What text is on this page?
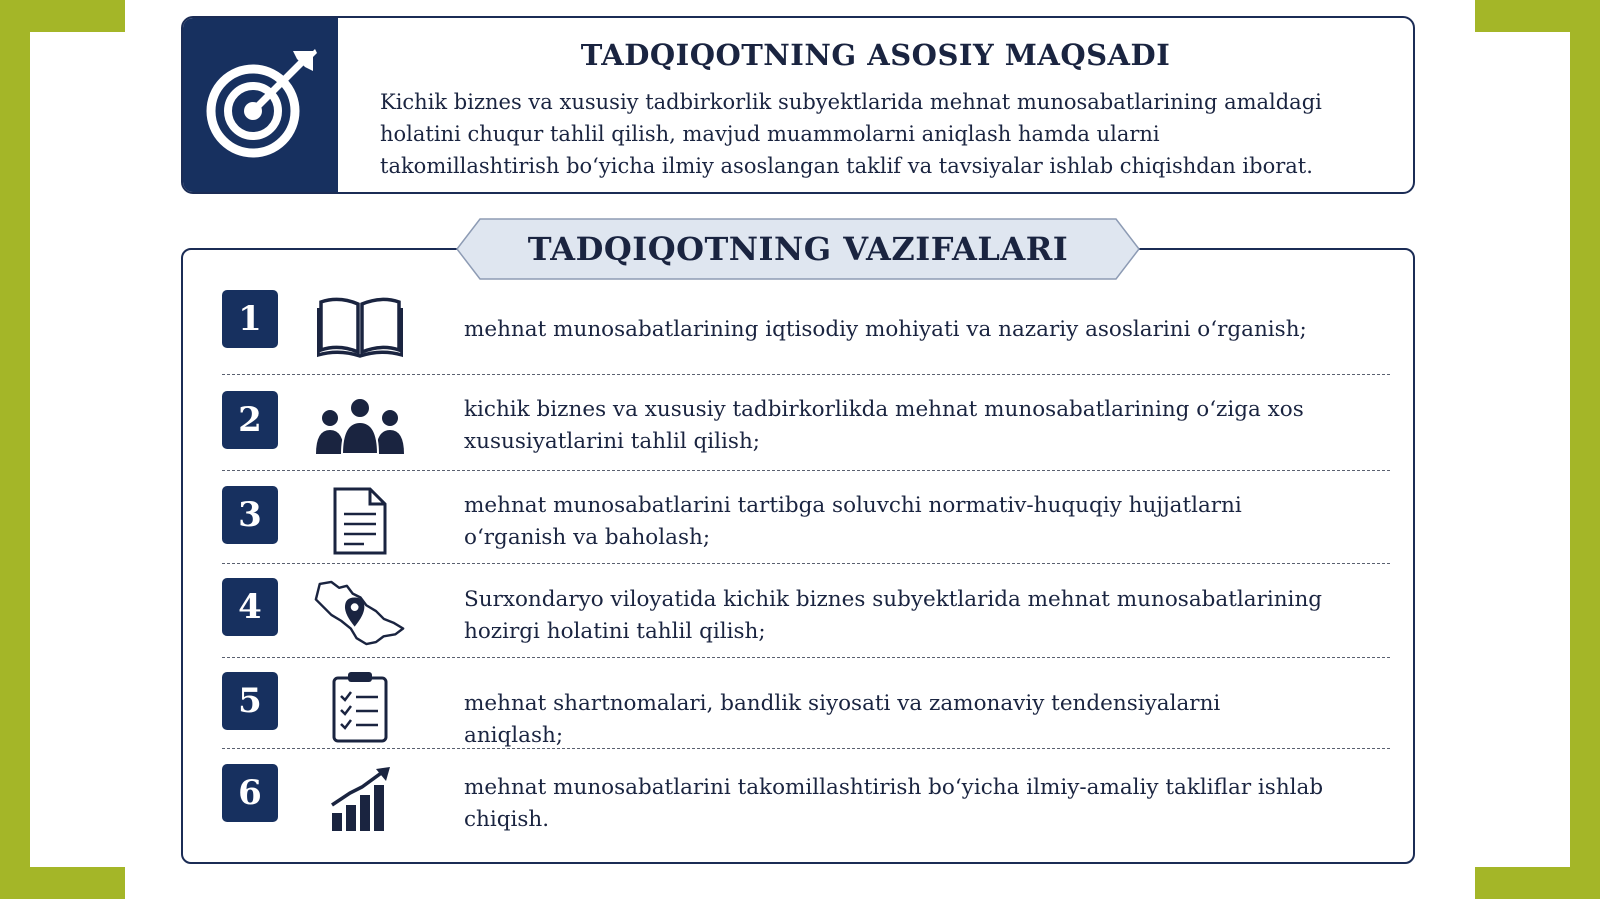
TADQIQOTNING ASOSIY MAQSADI
Kichik biznes va xususiy tadbirkorlik subyektlarida mehnat munosabatlarining amaldagi holatini chuqur tahlil qilish, mavjud muammolarni aniqlash hamda ularni takomillashtirish bo‘yicha ilmiy asoslangan taklif va tavsiyalar ishlab chiqishdan iborat.
TADQIQOTNING VAZIFALARI
1	mehnat munosabatlarining iqtisodiy mohiyati va nazariy asoslarini o‘rganish;
2	kichik biznes va xususiy tadbirkorlikda mehnat munosabatlarining o‘ziga xos xususiyatlarini tahlil qilish;
3	mehnat munosabatlarini tartibga soluvchi normativ-huquqiy hujjatlarni o‘rganish va baholash;
4	Surxondaryo viloyatida kichik biznes subyektlarida mehnat munosabatlarining hozirgi holatini tahlil qilish;
5	mehnat shartnomalari, bandlik siyosati va zamonaviy tendensiyalarni aniqlash;
6	mehnat munosabatlarini takomillashtirish bo‘yicha ilmiy-amaliy takliflar ishlab chiqish.
